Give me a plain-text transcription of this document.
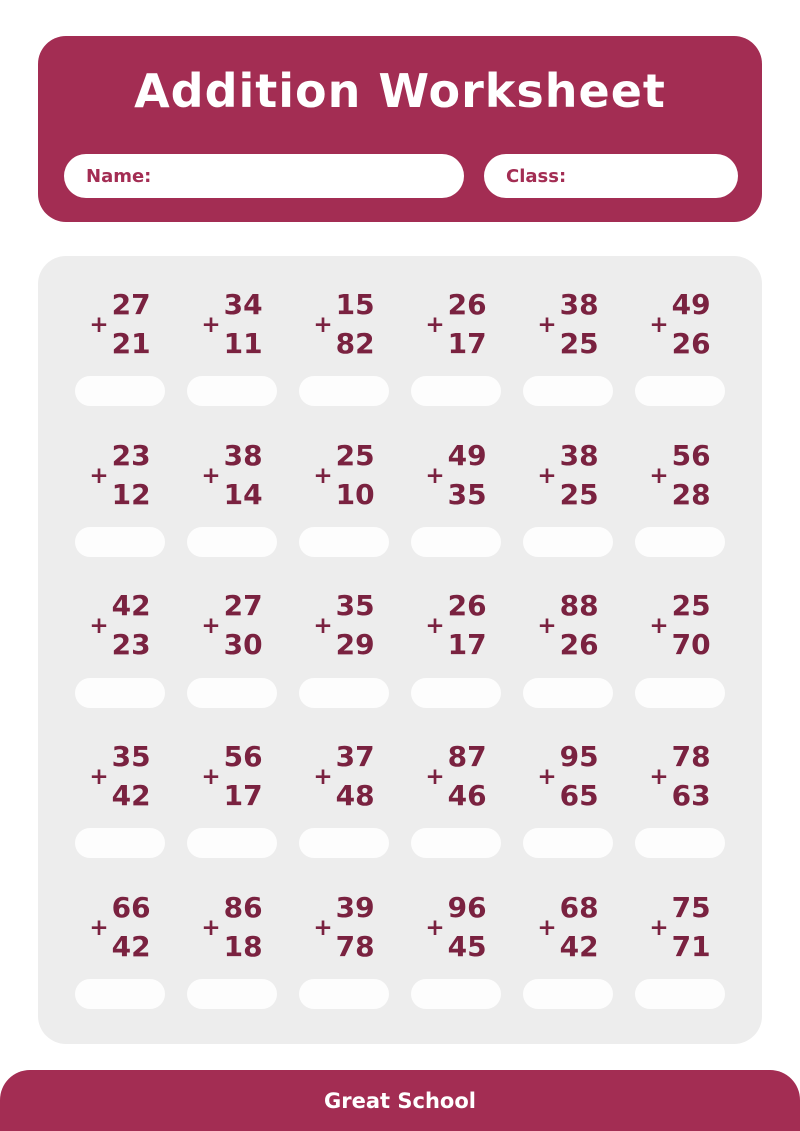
Addition Worksheet
Name:	Class:
+
27
21
+
34
11
+
15
82
+
26
17
+
38
25
+
49
26
+
23
12
+
38
14
+
25
10
+
49
35
+
38
25
+
56
28
+
42
23
+
27
30
+
35
29
+
26
17
+
88
26
+
25
70
+
35
42
+
56
17
+
37
48
+
87
46
+
95
65
+
78
63
+
66
42
+
86
18
+
39
78
+
96
45
+
68
42
+
75
71
Great School
